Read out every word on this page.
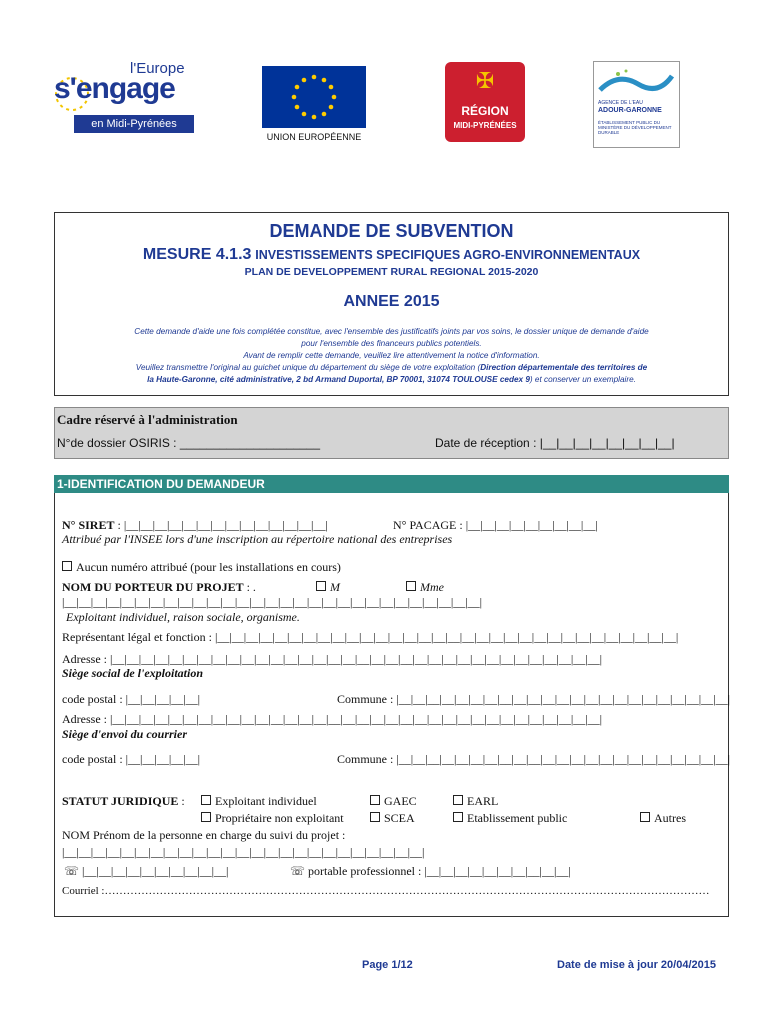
l'Europe
s'engage
en Midi-Pyrénées
UNION EUROPÉENNE
✠
RÉGION
MIDI-PYRÉNÉES
AGENCE DE L'EAU
ADOUR-GARONNE
ÉTABLISSEMENT PUBLIC DU MINISTÈRE DU DÉVELOPPEMENT DURABLE
DEMANDE DE SUBVENTION
MESURE 4.1.3 INVESTISSEMENTS SPECIFIQUES AGRO-ENVIRONNEMENTAUX
PLAN DE DEVELOPPEMENT RURAL REGIONAL 2015-2020
ANNEE 2015
Cette demande d'aide une fois complétée constitue, avec l'ensemble des justificatifs joints par vos soins, le dossier unique de demande d'aide
pour l'ensemble des financeurs publics potentiels.
Avant de remplir cette demande, veuillez lire attentivement la notice d'information.
Veuillez transmettre l'original au guichet unique du département du siège de votre exploitation (Direction départementale des territoires de
la Haute-Garonne, cité administrative, 2 bd Armand Duportal, BP 70001, 31074 TOULOUSE cedex 9) et conserver un exemplaire.
Cadre réservé à l'administration
N°de dossier OSIRIS : _____________________	Date de réception : |__|__|__|__|__|__|__|__|
1-IDENTIFICATION DU DEMANDEUR
N° SIRET : |__|__|__|__|__|__|__|__|__|__|__|__|__|__|	N° PACAGE : |__|__|__|__|__|__|__|__|__|
Attribué par l'INSEE lors d'une inscription au répertoire national des entreprises
Aucun numéro attribué (pour les installations en cours)
NOM DU PORTEUR DU PROJET : .	M	Mme
|__|__|__|__|__|__|__|__|__|__|__|__|__|__|__|__|__|__|__|__|__|__|__|__|__|__|__|__|__|
Exploitant individuel, raison sociale, organisme.
Représentant légal et fonction : |__|__|__|__|__|__|__|__|__|__|__|__|__|__|__|__|__|__|__|__|__|__|__|__|__|__|__|__|__|__|__|__|
Adresse : |__|__|__|__|__|__|__|__|__|__|__|__|__|__|__|__|__|__|__|__|__|__|__|__|__|__|__|__|__|__|__|__|__|__|
Siège social de l'exploitation
code postal : |__|__|__|__|__|	Commune : |__|__|__|__|__|__|__|__|__|__|__|__|__|__|__|__|__|__|__|__|__|__|__|
Adresse : |__|__|__|__|__|__|__|__|__|__|__|__|__|__|__|__|__|__|__|__|__|__|__|__|__|__|__|__|__|__|__|__|__|__|
Siège d'envoi du courrier
code postal : |__|__|__|__|__|	Commune : |__|__|__|__|__|__|__|__|__|__|__|__|__|__|__|__|__|__|__|__|__|__|__|
STATUT JURIDIQUE :	Exploitant individuel	GAEC	EARL
Propriétaire non exploitant	SCEA	Etablissement public	Autres
NOM Prénom de la personne en charge du suivi du projet :
|__|__|__|__|__|__|__|__|__|__|__|__|__|__|__|__|__|__|__|__|__|__|__|__|__|
☏ |__|__|__|__|__|__|__|__|__|__|	☏ portable professionnel : |__|__|__|__|__|__|__|__|__|__|
Courriel :…………………………………………………………………………………………………………………………………………………
Page 1/12	Date de mise à jour 20/04/2015
